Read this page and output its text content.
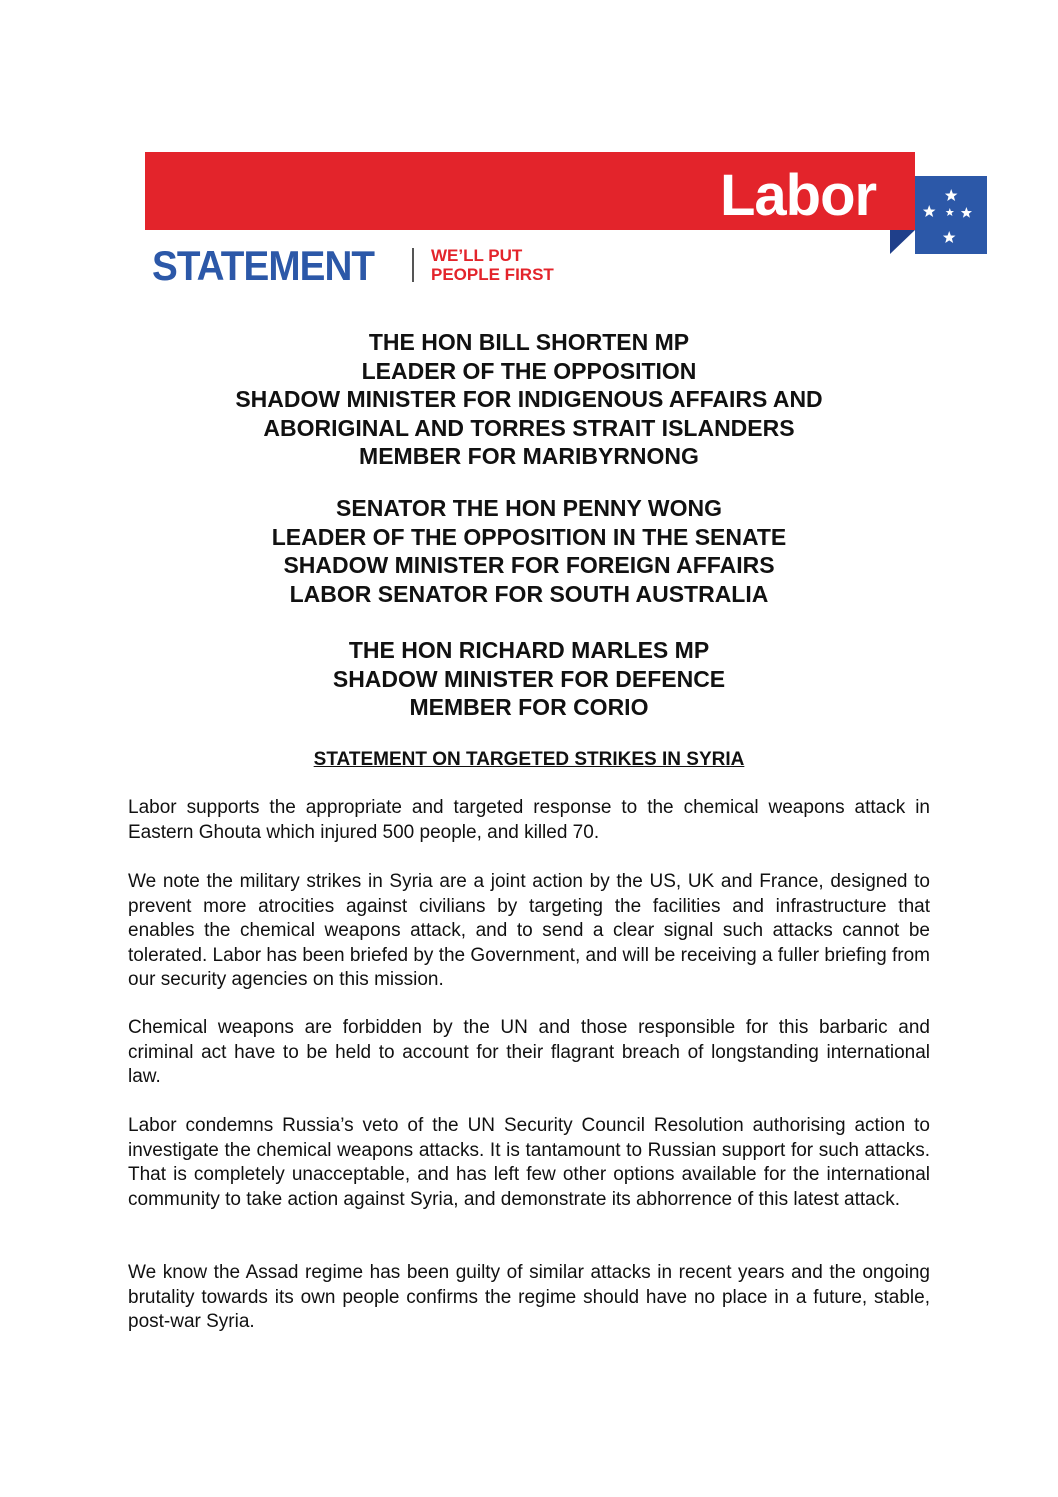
Labor
STATEMENT	WE’LL PUT
PEOPLE FIRST
THE HON BILL SHORTEN MP
LEADER OF THE OPPOSITION
SHADOW MINISTER FOR INDIGENOUS AFFAIRS AND
ABORIGINAL AND TORRES STRAIT ISLANDERS
MEMBER FOR MARIBYRNONG
SENATOR THE HON PENNY WONG
LEADER OF THE OPPOSITION IN THE SENATE
SHADOW MINISTER FOR FOREIGN AFFAIRS
LABOR SENATOR FOR SOUTH AUSTRALIA
THE HON RICHARD MARLES MP
SHADOW MINISTER FOR DEFENCE
MEMBER FOR CORIO
STATEMENT ON TARGETED STRIKES IN SYRIA

Labor supports the appropriate and targeted response to the chemical weapons attack in Eastern Ghouta which injured 500 people, and killed 70.

We note the military strikes in Syria are a joint action by the US, UK and France, designed to prevent more atrocities against civilians by targeting the facilities and infrastructure that enables the chemical weapons attack, and to send a clear signal such attacks cannot be tolerated. Labor has been briefed by the Government, and will be receiving a fuller briefing from our security agencies on this mission.

Chemical weapons are forbidden by the UN and those responsible for this barbaric and criminal act have to be held to account for their flagrant breach of longstanding international law.

Labor condemns Russia’s veto of the UN Security Council Resolution authorising action to investigate the chemical weapons attacks. It is tantamount to Russian support for such attacks. That is completely unacceptable, and has left few other options available for the international community to take action against Syria, and demonstrate its abhorrence of this latest attack.

We know the Assad regime has been guilty of similar attacks in recent years and the ongoing brutality towards its own people confirms the regime should have no place in a future, stable, post-war Syria.
